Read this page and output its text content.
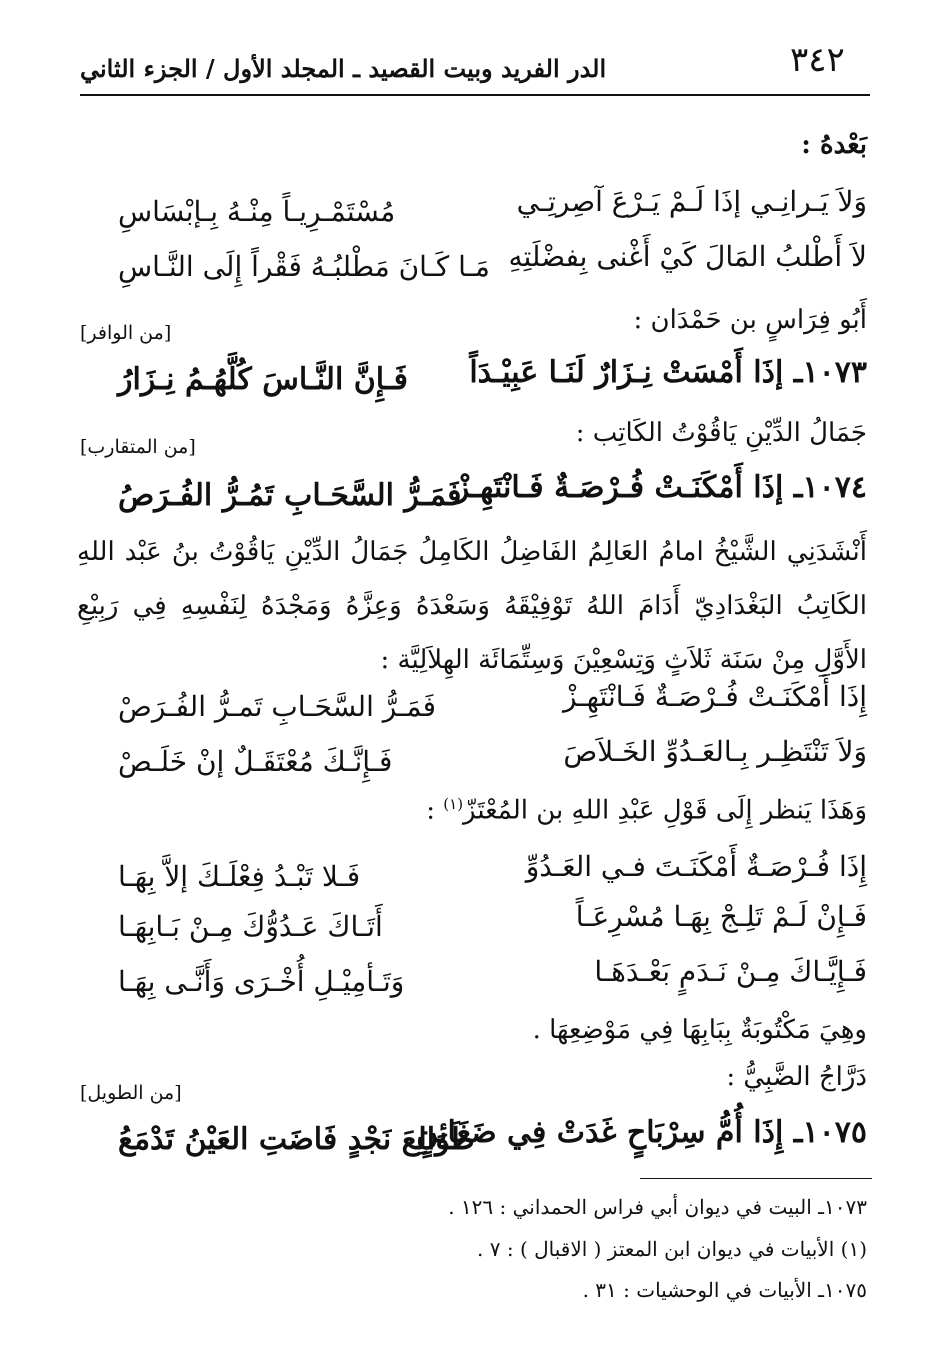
٣٤٢
الدر الفريد وبيت القصيد ـ المجلد الأول / الجزء الثاني
بَعْدهُ :
وَلاَ يَـرانِـي إذَا لَـمْ يَـرْعَ آصِرتِـي
مُسْتَمْـرِيـاً مِنْـهُ بِـإبْسَاسِ
لاَ أَطْلبُ المَالَ كَيْ أَغْنى بِفضْلَتِهِ
مَـا كَـانَ مَطْلبُـهُ فَقْراً إِلَى النَّـاسِ
أَبُو فِرَاسٍ بن حَمْدَان :
[من الوافر]
١٠٧٣ـ إذَا أَمْسَتْ نِـزَارٌ لَنَـا عَبِيْـدَاً
فَـإِنَّ النَّـاسَ كُلَّهُـمُ نِـزَارُ
جَمَالُ الدِّيْنِ يَاقُوْتُ الكَاتِب :
[من المتقارب]
١٠٧٤ـ إذَا أَمْكَنَـتْ فُـرْصَـةٌ فَـانْتَهِـزْ
فَمَـرُّ السَّحَـابِ تَمُـرُّ الفُـرَصُ
أَنْشَدَنِي الشَّيْخُ امامُ العَالِمُ الفَاضِلُ الكَامِلُ جَمَالُ الدِّيْنِ يَاقُوْتُ بنُ عَبْد اللهِ الكَاتِبُ البَغْدَادِيّ أَدَامَ اللهُ تَوْفِيْقَهُ وَسَعْدَهُ وَعِزَّهُ وَمَجْدَهُ لِنَفْسِهِ فِي رَبِيْعِ الأَوَّلِ مِنْ سَنَة ثَلاَثٍ وَتِسْعِيْنَ وَسِتِّمَائَة الهِلاَلِيَّة :
إِذَا أَمْكَنَـتْ فُـرْصَـةٌ فَـانْتَهِـزْ
فَمَـرُّ السَّحَـابِ تَمـرُّ الفُـرَصْ
وَلاَ تَنْتَظِـر بِـالعَـدُوِّ الخَـلاَصَ
فَـإِنَّـكَ مُعْتَقَـلٌ إنْ خَلَـصْ
وَهَذَا يَنظر إِلَى قَوْلِ عَبْدِ اللهِ بن المُعْتَزّ$^{(١)}$ :
إِذَا فُـرْصَـةٌ أَمْكَنَـتَ فـي العَـدُوِّ
فَـلا تَبْـدُ فِعْلَـكَ إلاَّ بِهَـا
فَـإِنْ لَـمْ تَلِـجْ بِهَـا مُسْرِعَـاً
أَتَـاكَ عَـدُوُّكَ مِـنْ بَـابِهَـا
فَـإِيَّـاكَ مِـنْ نَـدَمٍ بَعْـدَهَـا
وَتَـأمِيْـلِ أُخْـرَى وَأَنَّـى بِهَـا
وهِيَ مَكْتُوبَةٌ بِبَابِهَا فِي مَوْضِعِهَا .
دَرَّاجُ الضَّبِيُّ :
[من الطويل]
١٠٧٥ـ إِذَا أُمُّ سِرْبَاحٍ غَدَتْ فِي ضَغَائِنٍ
طَوَالِعَ نَجْدٍ فَاضَتِ العَيْنُ تَدْمَعُ
١٠٧٣ـ البيت في ديوان أبي فراس الحمداني : ١٢٦ .
(١) الأبيات في ديوان ابن المعتز ( الاقبال ) : ٧ .
١٠٧٥ـ الأبيات في الوحشيات : ٣١ .
